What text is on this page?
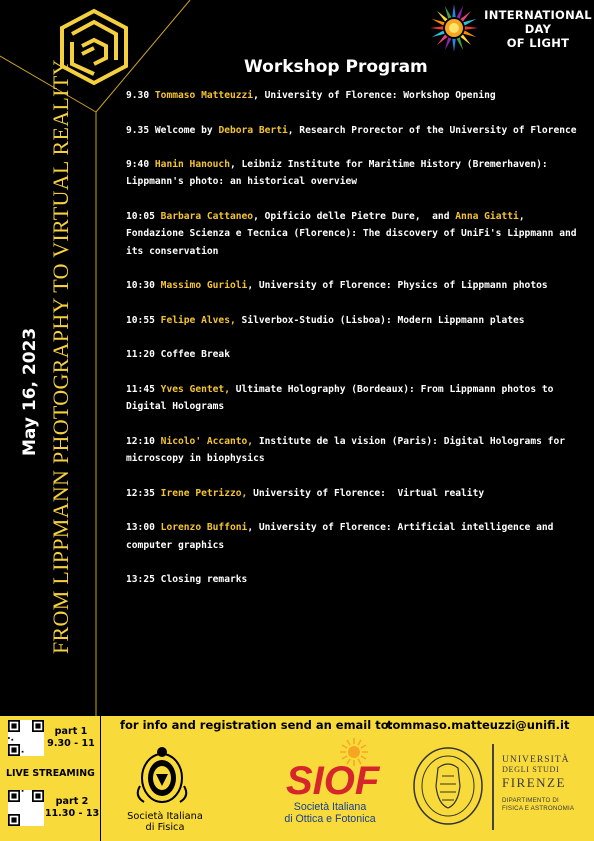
INTERNATIONAL
DAY
OF LIGHT
FROM LIPPMANN PHOTOGRAPHY TO VIRTUAL REALITY
May 16, 2023
Workshop Program
9.30 Tommaso Matteuzzi, University of Florence: Workshop Opening
9.35 Welcome by Debora Berti, Research Prorector of the University of Florence
9:40 Hanin Hanouch, Leibniz Institute for Maritime History (Bremerhaven): Lippmann's photo: an historical overview
10:05 Barbara Cattaneo, Opificio delle Pietre Dure,  and Anna Giatti, Fondazione Scienza e Tecnica (Florence): The discovery of UniFi's Lippmann and its conservation
10:30 Massimo Gurioli, University of Florence: Physics of Lippmann photos
10:55 Felipe Alves, Silverbox-Studio (Lisboa): Modern Lippmann plates
11:20 Coffee Break
11:45 Yves Gentet, Ultimate Holography (Bordeaux): From Lippmann photos to Digital Holograms
12:10 Nicolo' Accanto, Institute de la vision (Paris): Digital Holograms for microscopy in biophysics
12:35 Irene Petrizzo, University of Florence:  Virtual reality
13:00 Lorenzo Buffoni, University of Florence: Artificial intelligence and computer graphics
13:25 Closing remarks
part 1
9.30 - 11
LIVE STREAMING
part 2
11.30 - 13
for info and registration send an email to:
tommaso.matteuzzi@unifi.it
Società Italiana
di Fisica
SIOF
Società Italiana
di Ottica e Fotonica
UNIVERSITÀ
DEGLI STUDI
FIRENZE
DIPARTIMENTO DI
FISICA E ASTRONOMIA
